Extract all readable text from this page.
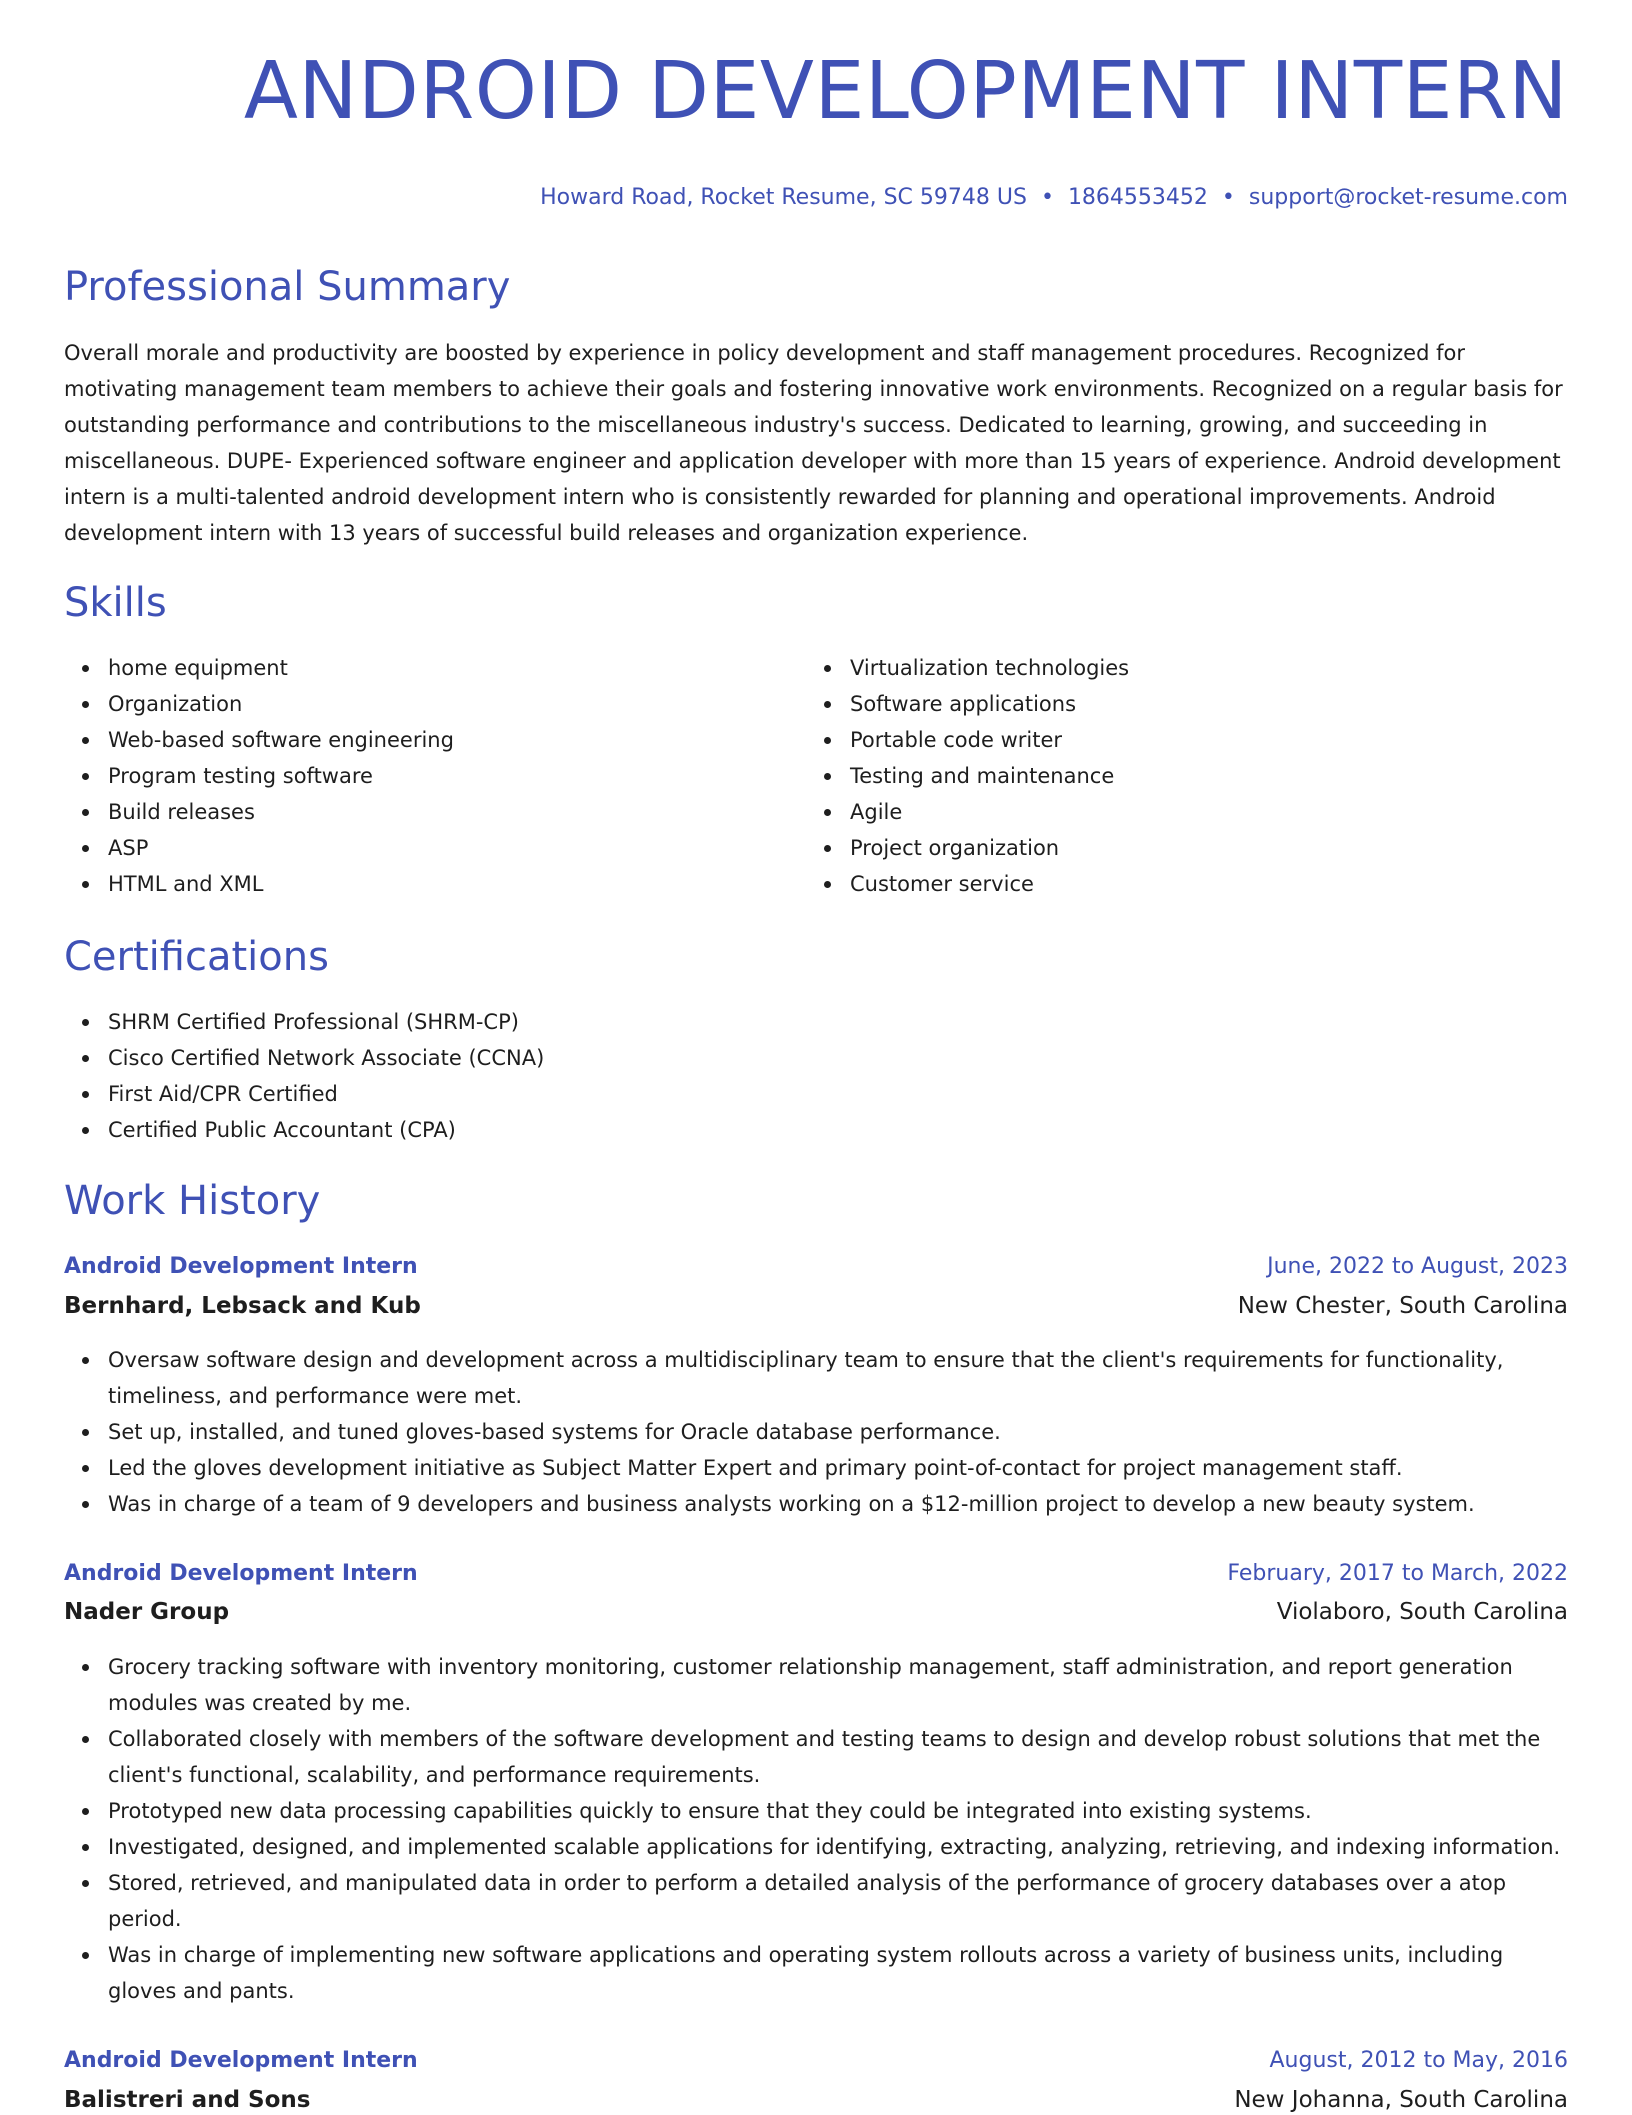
ANDROID DEVELOPMENT INTERN
Howard Road, Rocket Resume, SC 59748 US • 1864553452 • support@rocket-resume.com
Professional Summary

Overall morale and productivity are boosted by experience in policy development and staff management procedures. Recognized for motivating management team members to achieve their goals and fostering innovative work environments. Recognized on a regular basis for outstanding performance and contributions to the miscellaneous industry's success. Dedicated to learning, growing, and succeeding in miscellaneous. DUPE- Experienced software engineer and application developer with more than 15 years of experience. Android development intern is a multi-talented android development intern who is consistently rewarded for planning and operational improvements. Android development intern with 13 years of successful build releases and organization experience.

Skills
home equipment
Organization
Web-based software engineering
Program testing software
Build releases
ASP
HTML and XML
Virtualization technologies
Software applications
Portable code writer
Testing and maintenance
Agile
Project organization
Customer service
Certifications
SHRM Certified Professional (SHRM-CP)
Cisco Certified Network Associate (CCNA)
First Aid/CPR Certified
Certified Public Accountant (CPA)
Work History
Android Development Intern	June, 2022 to August, 2023
Bernhard, Lebsack and Kub	New Chester, South Carolina
Oversaw software design and development across a multidisciplinary team to ensure that the client's requirements for functionality, timeliness, and performance were met.
Set up, installed, and tuned gloves-based systems for Oracle database performance.
Led the gloves development initiative as Subject Matter Expert and primary point-of-contact for project management staff.
Was in charge of a team of 9 developers and business analysts working on a $12-million project to develop a new beauty system.
Android Development Intern	February, 2017 to March, 2022
Nader Group	Violaboro, South Carolina
Grocery tracking software with inventory monitoring, customer relationship management, staff administration, and report generation modules was created by me.
Collaborated closely with members of the software development and testing teams to design and develop robust solutions that met the client's functional, scalability, and performance requirements.
Prototyped new data processing capabilities quickly to ensure that they could be integrated into existing systems.
Investigated, designed, and implemented scalable applications for identifying, extracting, analyzing, retrieving, and indexing information.
Stored, retrieved, and manipulated data in order to perform a detailed analysis of the performance of grocery databases over a atop period.
Was in charge of implementing new software applications and operating system rollouts across a variety of business units, including gloves and pants.
Android Development Intern	August, 2012 to May, 2016
Balistreri and Sons	New Johanna, South Carolina
